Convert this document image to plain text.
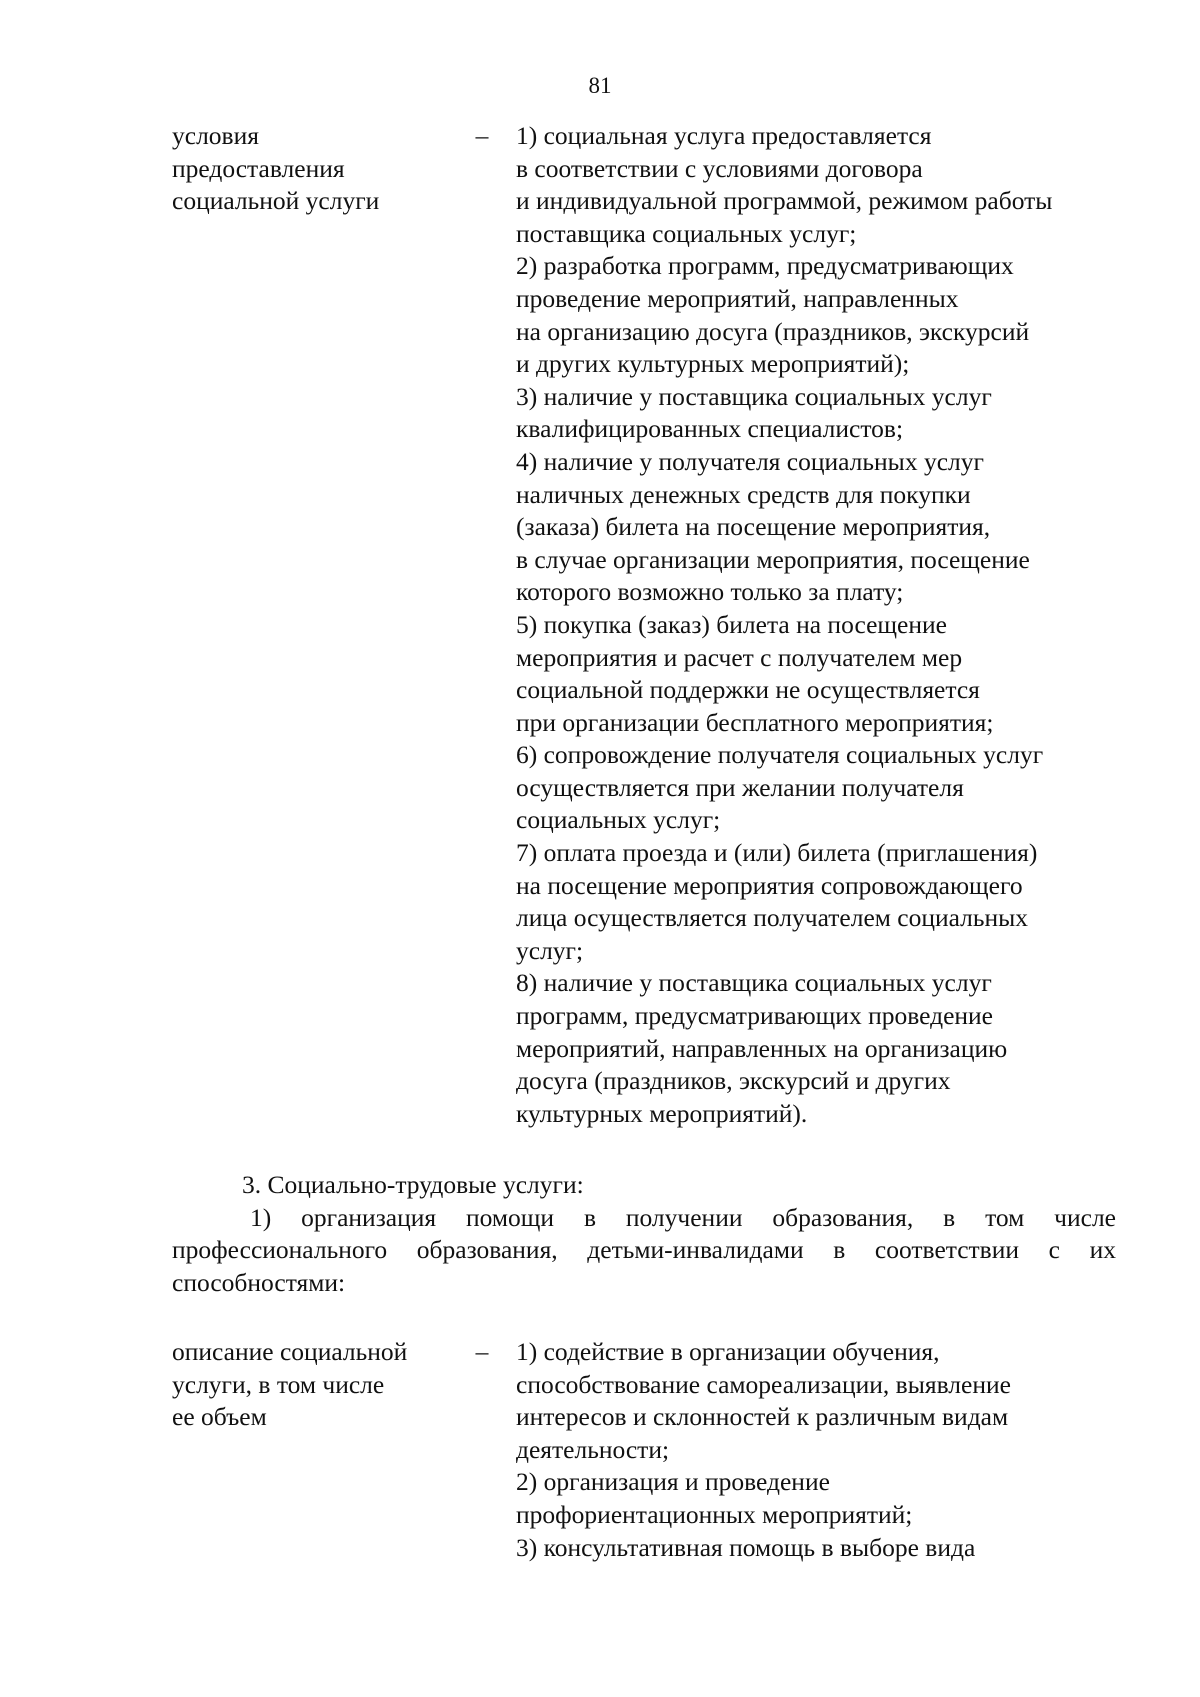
81
условия
предоставления
социальной услуги
–	1) социальная услуга предоставляется
в соответствии с условиями договора
и индивидуальной программой, режимом работы
поставщика социальных услуг;
2) разработка программ, предусматривающих
проведение мероприятий, направленных
на организацию досуга (праздников, экскурсий
и других культурных мероприятий);
3) наличие у поставщика социальных услуг
квалифицированных специалистов;
4) наличие у получателя социальных услуг
наличных денежных средств для покупки
(заказа) билета на посещение мероприятия,
в случае организации мероприятия, посещение
которого возможно только за плату;
5) покупка (заказ) билета на посещение
мероприятия и расчет с получателем мер
социальной поддержки не осуществляется
при организации бесплатного мероприятия;
6) сопровождение получателя социальных услуг
осуществляется при желании получателя
социальных услуг;
7) оплата проезда и (или) билета (приглашения)
на посещение мероприятия сопровождающего
лица осуществляется получателем социальных
услуг;
8) наличие у поставщика социальных услуг
программ, предусматривающих проведение
мероприятий, направленных на организацию
досуга (праздников, экскурсий и других
культурных мероприятий).
3. Социально-трудовые услуги:
1) организация помощи в получении образования, в том числе
профессионального образования, детьми-инвалидами в соответствии с их
способностями:
описание социальной
услуги, в том числе
ее объем
–	1) содействие в организации обучения,
способствование самореализации, выявление
интересов и склонностей к различным видам
деятельности;
2) организация и проведение
профориентационных мероприятий;
3) консультативная помощь в выборе вида
